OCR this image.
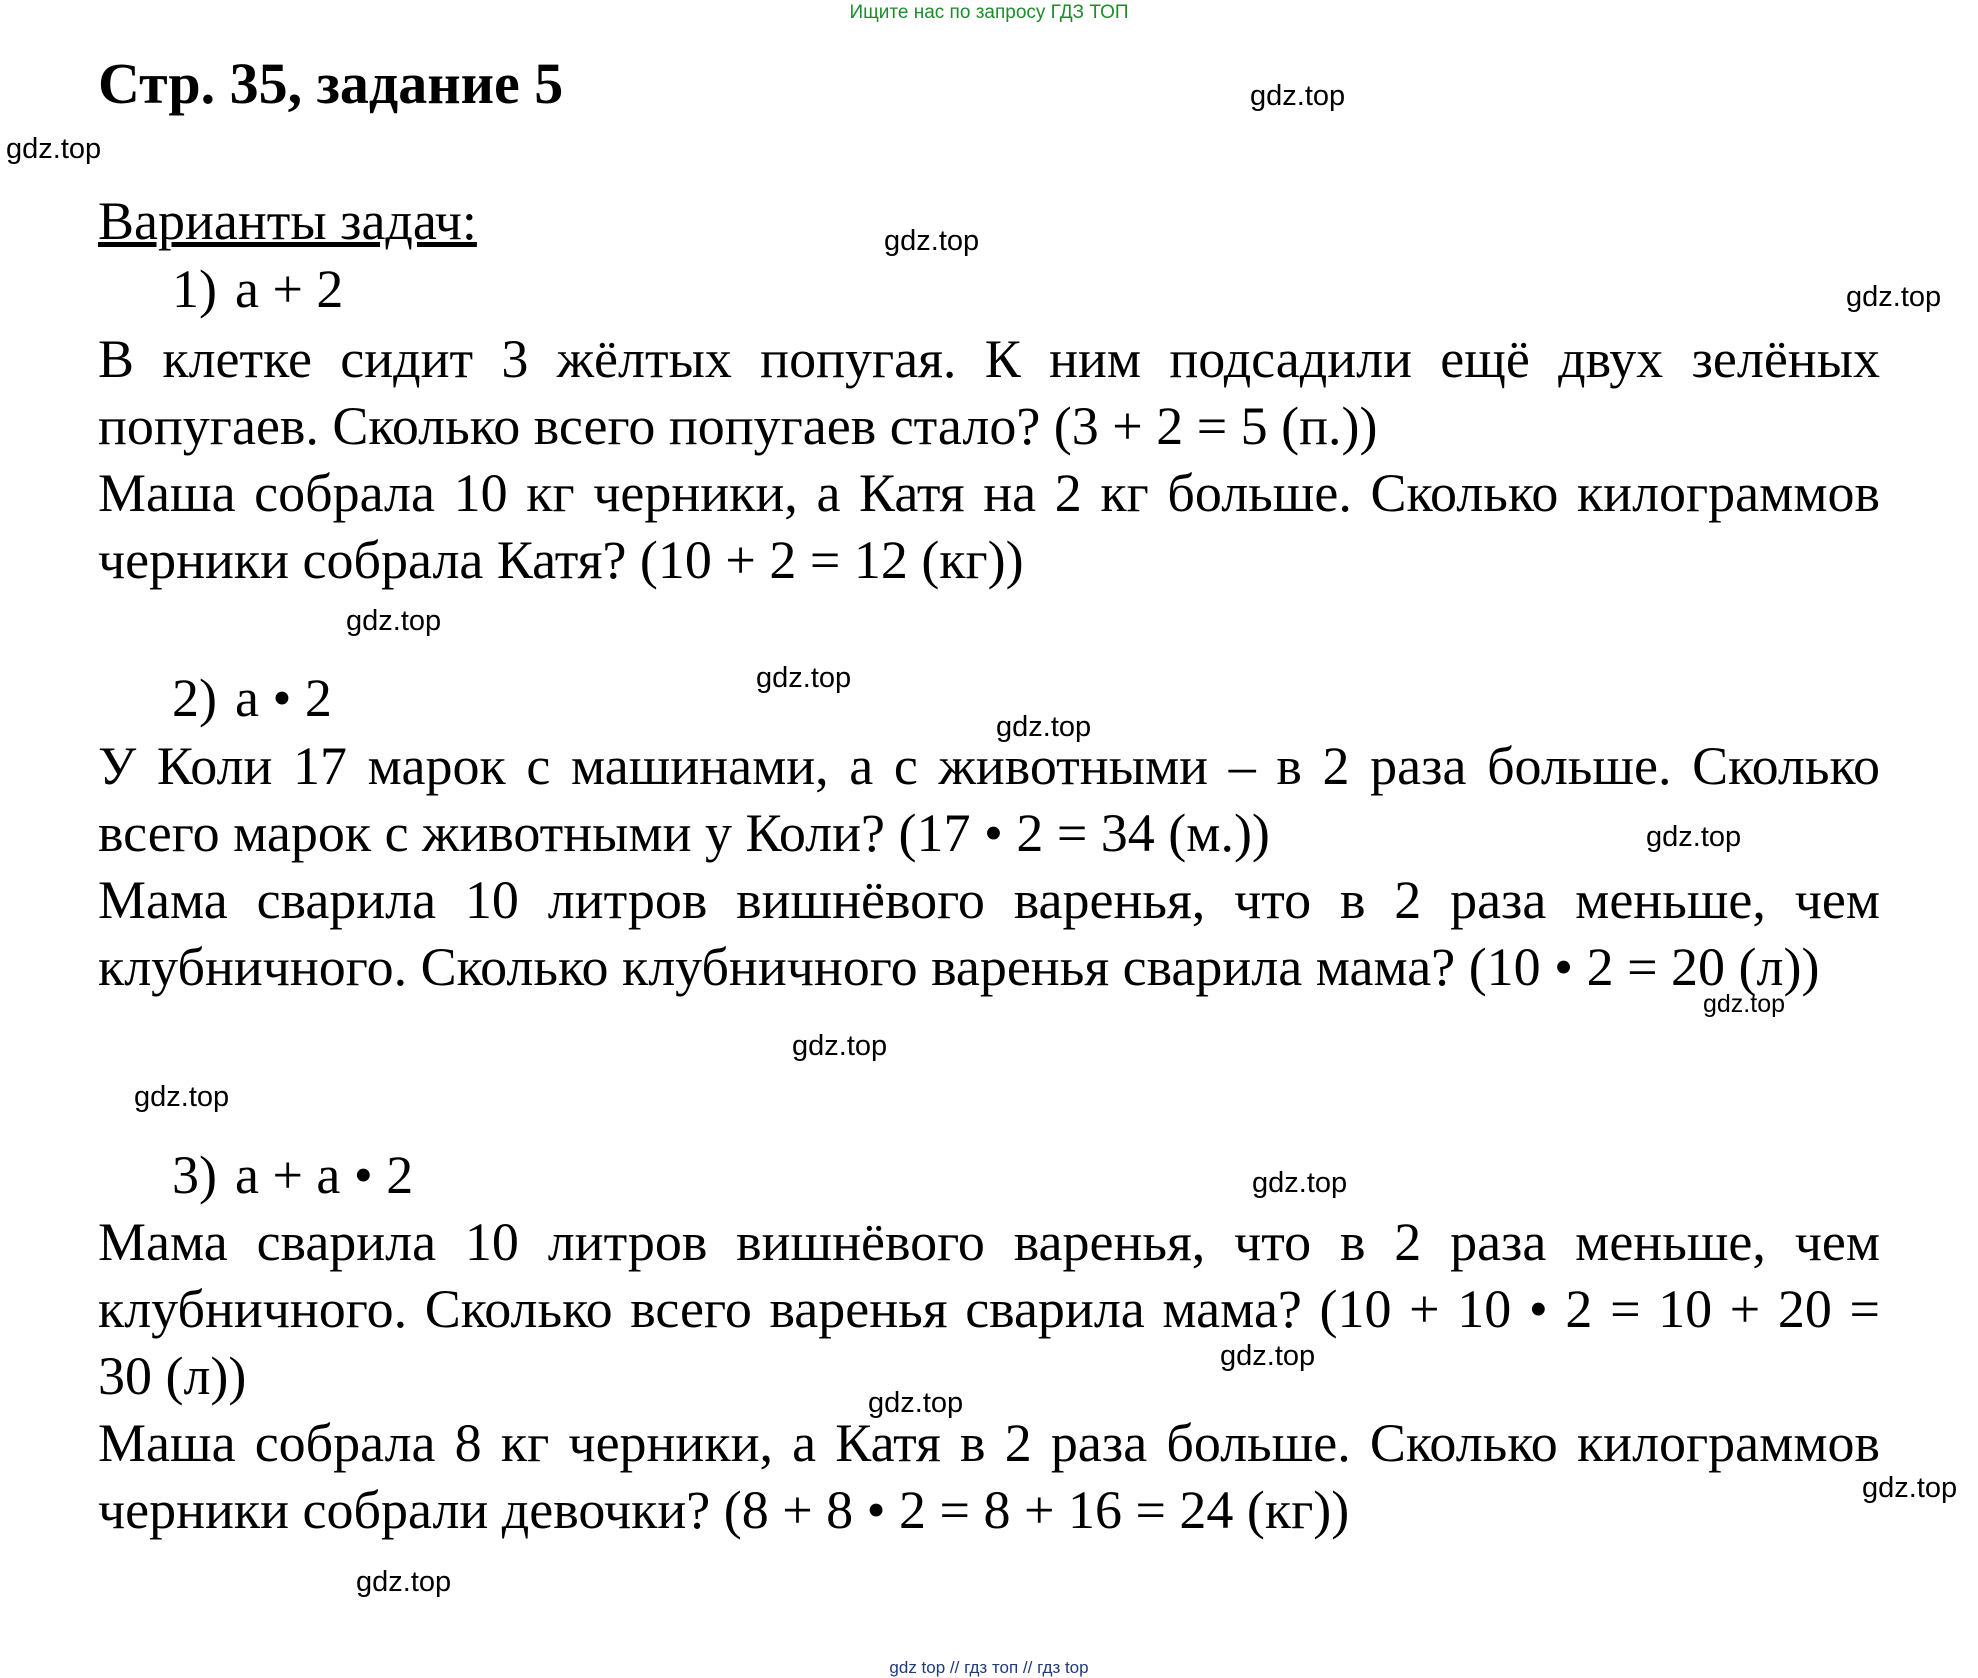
Ищите нас по запросу ГДЗ ТОП
Стр. 35, задание 5
Варианты задач:
1) a + 2

В клетке сидит 3 жёлтых попугая. К ним подсадили ещё двух зелёных попугаев. Сколько всего попугаев стало? (3 + 2 = 5 (п.))

Маша собрала 10 кг черники, а Катя на 2 кг больше. Сколько килограммов черники собрала Катя? (10 + 2 = 12 (кг))

2) a • 2

У Коли 17 марок с машинами, а с животными – в 2 раза больше. Сколько всего марок с животными у Коли? (17 • 2 = 34 (м.))

Мама сварила 10 литров вишнёвого варенья, что в 2 раза меньше, чем клубничного. Сколько клубничного варенья сварила мама? (10 • 2 = 20 (л))

3) a + a • 2

Мама сварила 10 литров вишнёвого варенья, что в 2 раза меньше, чем клубничного. Сколько всего варенья сварила мама? (10 + 10 • 2 = 10 + 20 = 30 (л))

Маша собрала 8 кг черники, а Катя в 2 раза больше. Сколько килограммов черники собрали девочки? (8 + 8 • 2 = 8 + 16 = 24 (кг))

gdz.top
gdz.top
gdz.top
gdz.top
gdz.top
gdz.top
gdz.top
gdz.top
gdz.top
gdz.top
gdz.top
gdz.top
gdz.top
gdz.top
gdz.top
gdz.top
gdz top // гдз топ // гдз top
